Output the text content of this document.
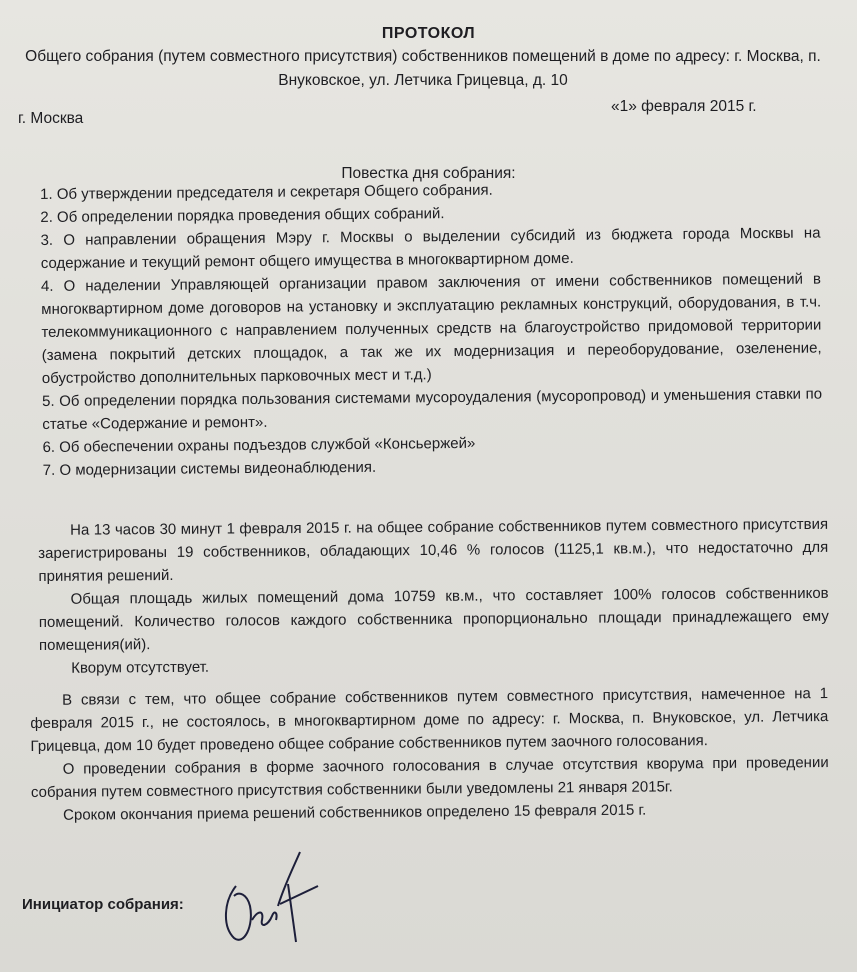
ПРОТОКОЛ
Общего собрания (путем совместного присутствия) собственников помещений в доме по адресу: г. Москва, п. Внуковское, ул. Летчика Грицевца, д. 10
г. Москва
«1» февраля 2015 г.
Повестка дня собрания:

1. Об утверждении председателя и секретаря Общего собрания.

2. Об определении порядка проведения общих собраний.

3. О направлении обращения Мэру г. Москвы о выделении субсидий из бюджета города Москвы на содержание и текущий ремонт общего имущества в многоквартирном доме.

4. О наделении Управляющей организации правом заключения от имени собственников помещений в многоквартирном доме договоров на установку и эксплуатацию рекламных конструкций, оборудования, в т.ч. телекоммуникационного с направлением полученных средств на благоустройство придомовой территории (замена покрытий детских площадок, а так же их модернизация и переоборудование, озеленение, обустройство дополнительных парковочных мест и т.д.)

5. Об определении порядка пользования системами мусороудаления (мусоропровод) и уменьшения ставки по статье «Содержание и ремонт».

6. Об обеспечении охраны подъездов службой «Консьержей»

7. О модернизации системы видеонаблюдения.

На 13 часов 30 минут 1 февраля 2015 г. на общее собрание собственников путем совместного присутствия зарегистрированы 19 собственников, обладающих 10,46 % голосов (1125,1 кв.м.), что недостаточно для принятия решений.

Общая площадь жилых помещений дома 10759 кв.м., что составляет 100% голосов собственников помещений. Количество голосов каждого собственника пропорционально площади принадлежащего ему помещения(ий).

Кворум отсутствует.

В связи с тем, что общее собрание собственников путем совместного присутствия, намеченное на 1 февраля 2015 г., не состоялось, в многоквартирном доме по адресу: г. Москва, п. Внуковское, ул. Летчика Грицевца, дом 10 будет проведено общее собрание собственников путем заочного голосования.

О проведении собрания в форме заочного голосования в случае отсутствия кворума при проведении собрания путем совместного присутствия собственники были уведомлены 21 января 2015г.

Сроком окончания приема решений собственников определено 15 февраля 2015 г.

Инициатор собрания:
